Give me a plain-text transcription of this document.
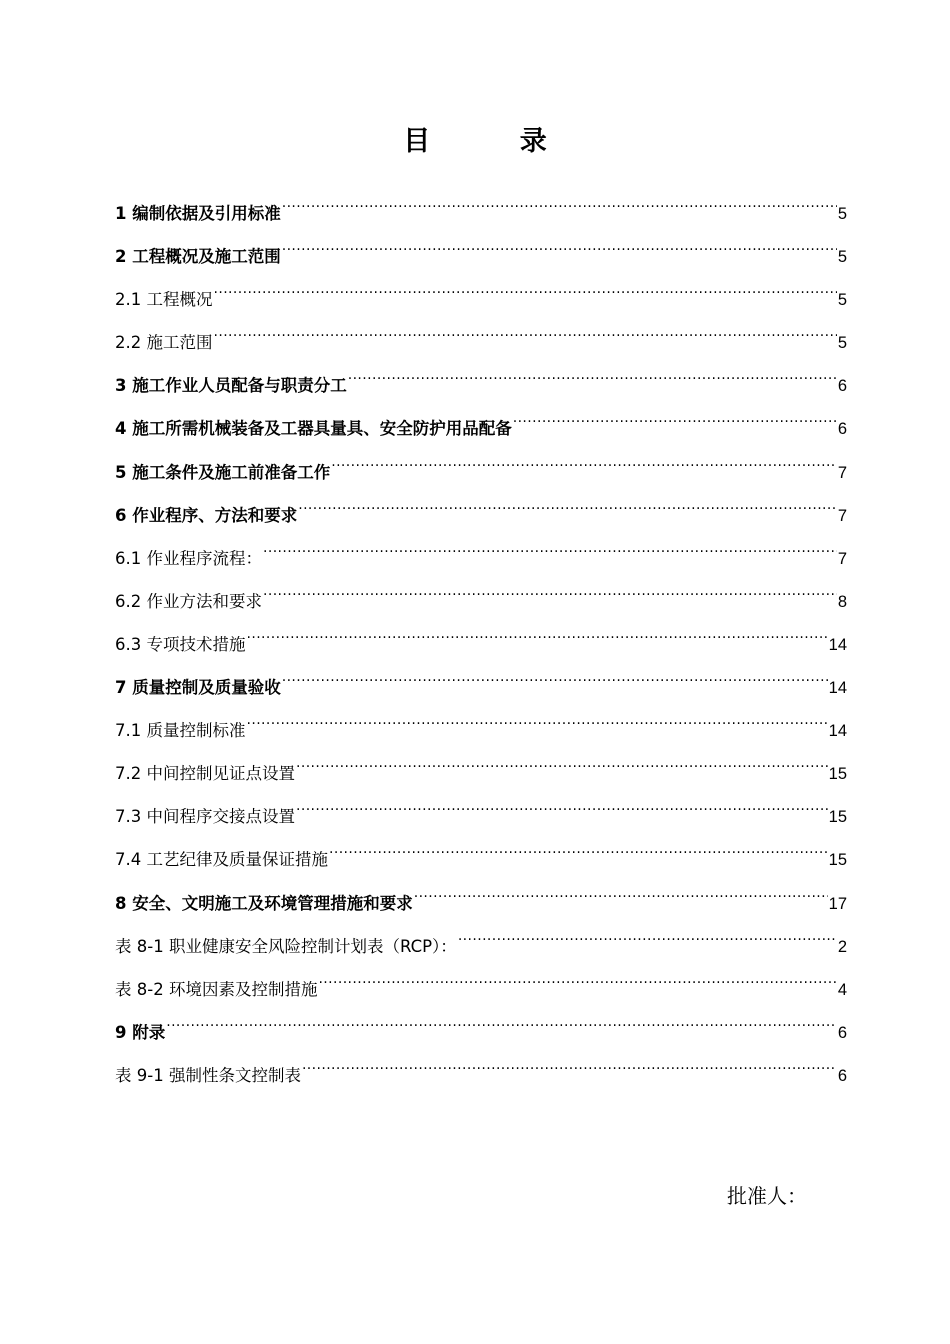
目 录
1 编制依据及引用标准 .....	5
2 工程概况及施工范围 .....	5
2.1 工程概况 .....	5
2.2 施工范围 .....	5
3 施工作业人员配备与职责分工 .....	6
4 施工所需机械装备及工器具量具、安全防护用品配备 .....	6
5 施工条件及施工前准备工作 .....	7
6 作业程序、方法和要求 .....	7
6.1 作业程序流程： .....	7
6.2 作业方法和要求 .....	8
6.3 专项技术措施 .....	14
7 质量控制及质量验收 .....	14
7.1 质量控制标准 .....	14
7.2 中间控制见证点设置 .....	15
7.3 中间程序交接点设置 .....	15
7.4 工艺纪律及质量保证措施 .....	15
8 安全、文明施工及环境管理措施和要求 .....	17
表 8-1 职业健康安全风险控制计划表（RCP）： .....	2
表 8-2 环境因素及控制措施 .....	4
9 附录 .....	6
表 9-1 强制性条文控制表 .....	6
批准人：
